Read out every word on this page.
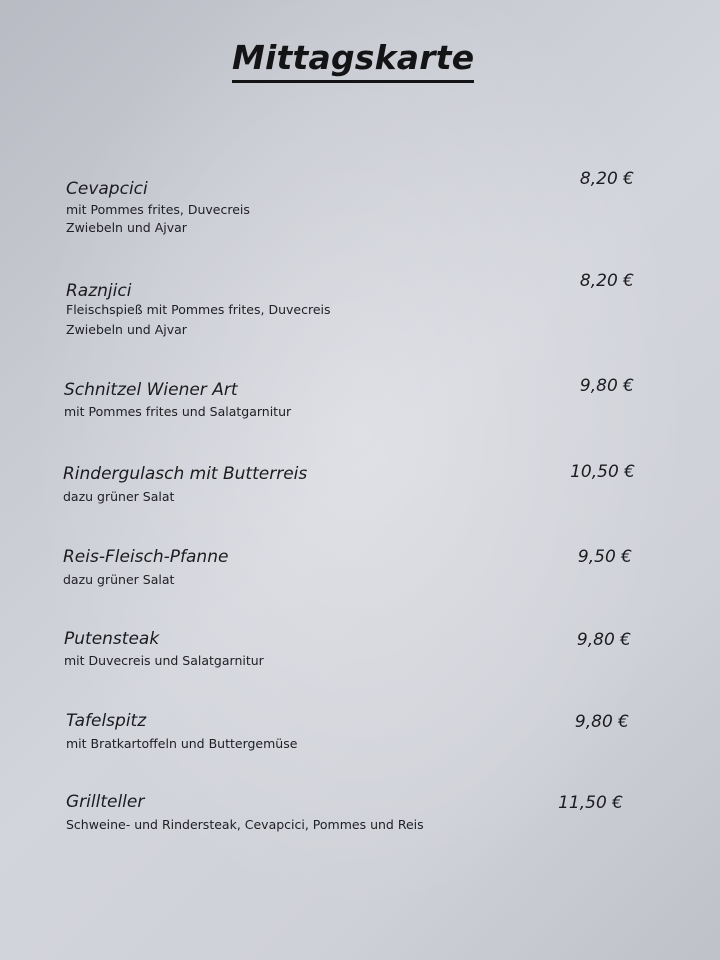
Mittagskarte
Cevapcici	8,20 €
mit Pommes frites, Duvecreis
Zwiebeln und Ajvar
Raznjici	8,20 €
Fleischspieß mit Pommes frites, Duvecreis
Zwiebeln und Ajvar
Schnitzel Wiener Art	9,80 €
mit Pommes frites und Salatgarnitur
Rindergulasch mit Butterreis	10,50 €
dazu grüner Salat
Reis-Fleisch-Pfanne	9,50 €
dazu grüner Salat
Putensteak	9,80 €
mit Duvecreis und Salatgarnitur
Tafelspitz	9,80 €
mit Bratkartoffeln und Buttergemüse
Grillteller	11,50 €
Schweine- und Rindersteak, Cevapcici, Pommes und Reis
